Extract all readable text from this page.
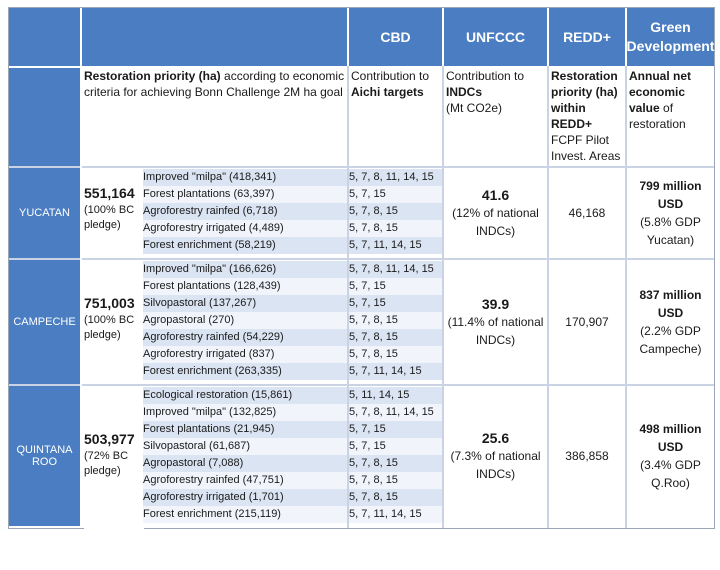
CBD	UNFCCC	REDD+
Green
Development
Restoration priority (ha) according to economic criteria for achieving Bonn Challenge 2M ha goal
Contribution to
Aichi targets
Contribution to
INDCs
(Mt CO2e)
Restoration
priority (ha)
within REDD+
FCPF Pilot
Invest. Areas
Annual net
economic
value of
restoration
YUCATAN
551,164
(100% BC
pledge)
Improved "milpa" (418,341)
Forest plantations (63,397)
Agroforestry rainfed (6,718)
Agroforestry irrigated (4,489)
Forest enrichment (58,219)
5, 7, 8, 11, 14, 15
5, 7, 15
5, 7, 8, 15
5, 7, 8, 15
5, 7, 11, 14, 15
41.6
(12% of national
INDCs)
46,168
799 million
USD
(5.8% GDP
Yucatan)
CAMPECHE
751,003
(100% BC
pledge)
Improved "milpa" (166,626)
Forest plantations (128,439)
Silvopastoral (137,267)
Agropastoral (270)
Agroforestry rainfed (54,229)
Agroforestry irrigated (837)
Forest enrichment (263,335)
5, 7, 8, 11, 14, 15
5, 7, 15
5, 7, 15
5, 7, 8, 15
5, 7, 8, 15
5, 7, 8, 15
5, 7, 11, 14, 15
39.9
(11.4% of national
INDCs)
170,907
837 million
USD
(2.2% GDP
Campeche)
QUINTANA
ROO
503,977
(72% BC
pledge)
Ecological restoration (15,861)
Improved "milpa" (132,825)
Forest plantations (21,945)
Silvopastoral (61,687)
Agropastoral (7,088)
Agroforestry rainfed (47,751)
Agroforestry irrigated (1,701)
Forest enrichment (215,119)
5, 11, 14, 15
5, 7, 8, 11, 14, 15
5, 7, 15
5, 7, 15
5, 7, 8, 15
5, 7, 8, 15
5, 7, 8, 15
5, 7, 11, 14, 15
25.6
(7.3% of national
INDCs)
386,858
498 million
USD
(3.4% GDP
Q.Roo)
